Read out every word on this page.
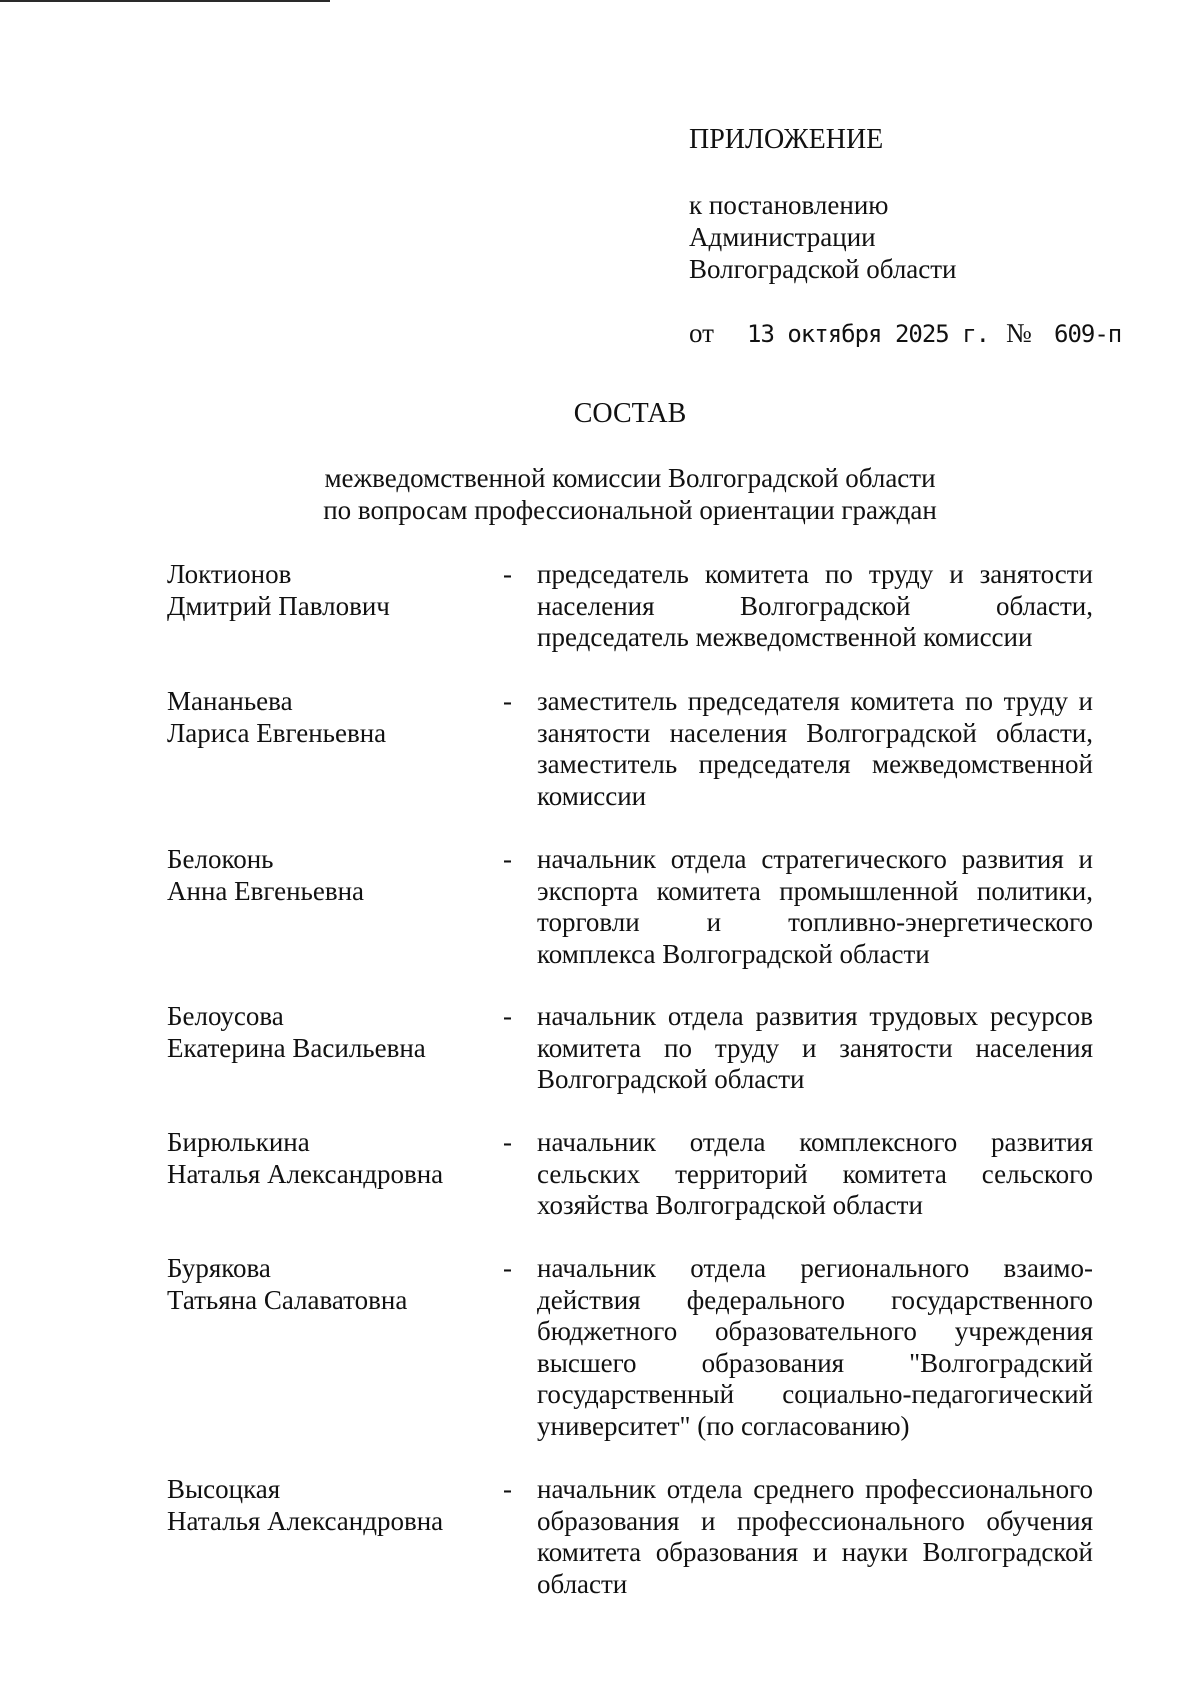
ПРИЛОЖЕНИЕ
к постановлению
Администрации
Волгоградской области
от 13 октября 2025 г. № 609-п
СОСТАВ
межведомственной комиссии Волгоградской области
по вопросам профессиональной ориентации граждан
Локтионов
Дмитрий Павлович
- председатель комитета по труду и занятости населения Волгоградской области, председатель межведомственной комиссии
Мананьева
Лариса Евгеньевна
- заместитель председателя комитета по труду и занятости населения Волгоградской области, заместитель председателя межведомственной комиссии
Белоконь
Анна Евгеньевна
- начальник отдела стратегического развития и экспорта комитета промышленной политики, торговли и топливно-энергетического комплекса Волгоградской области
Белоусова
Екатерина Васильевна
- начальник отдела развития трудовых ресурсов комитета по труду и занятости населения Волгоградской области
Бирюлькина
Наталья Александровна
- начальник отдела комплексного развития сельских территорий комитета сельского хозяйства Волгоградской области
Бурякова
Татьяна Салаватовна
- начальник отдела регионального взаимодействия федерального государственного бюджетного образовательного учреждения высшего образования "Волгоградский государственный социально-педагогический университет" (по согласованию)
Высоцкая
Наталья Александровна
- начальник отдела среднего профессионального образования и профессионального обучения комитета образования и науки Волгоградской области
